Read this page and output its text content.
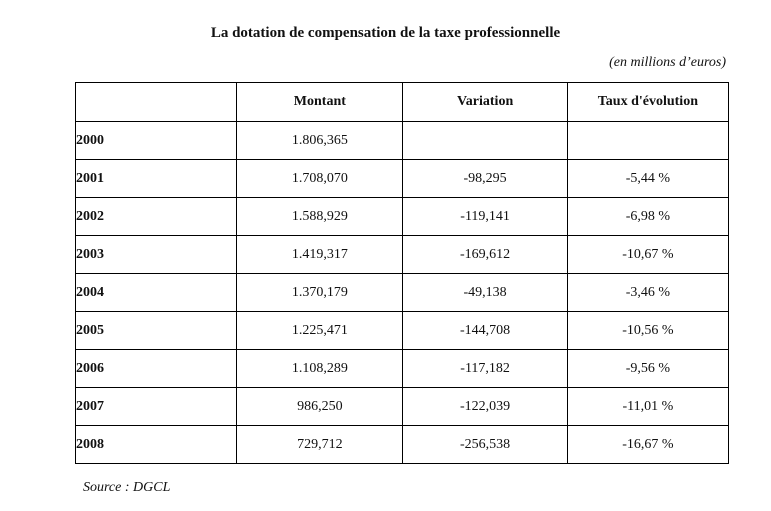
La dotation de compensation de la taxe professionnelle
(en millions d’euros)
	Montant	Variation	Taux d'évolution
2000	1.806,365		
2001	1.708,070	-98,295	-5,44 %
2002	1.588,929	-119,141	-6,98 %
2003	1.419,317	-169,612	-10,67 %
2004	1.370,179	-49,138	-3,46 %
2005	1.225,471	-144,708	-10,56 %
2006	1.108,289	-117,182	-9,56 %
2007	986,250	-122,039	-11,01 %
2008	729,712	-256,538	-16,67 %
Source : DGCL
